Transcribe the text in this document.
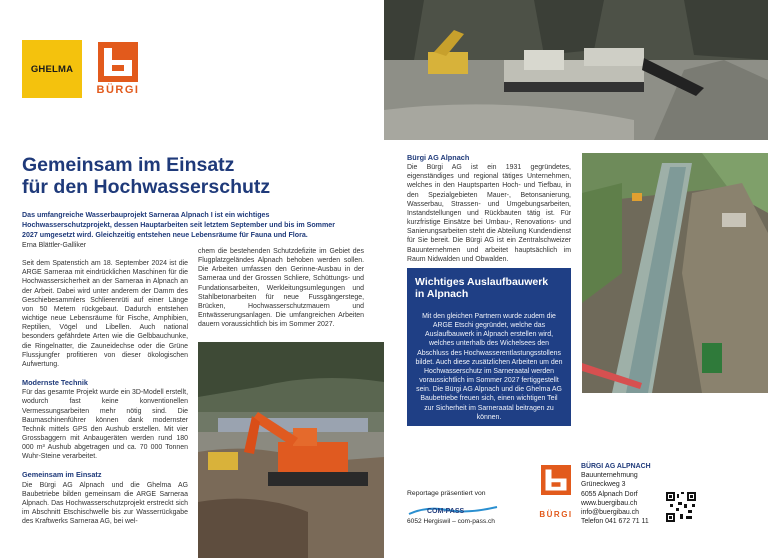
GHELMA
BÜRGI
Gemeinsam im Einsatz
für den Hochwasserschutz
Das umfangreiche Wasserbauprojekt Sarneraa Alpnach I ist ein wichtiges Hochwasserschutzprojekt, dessen Hauptarbeiten seit letztem September und bis im Sommer 2027 umgesetzt wird. Gleichzeitig entstehen neue Lebensräume für Fauna und Flora.

Erna Blättler-Galliker

Seit dem Spatenstich am 18. September 2024 ist die ARGE Sarneraa mit eindrücklichen Maschinen für die Hochwassersicherheit an der Sarneraa in Alpnach an der Arbeit. Dabei wird unter anderem der Damm des Geschiebesammlers Schlierenrüti auf einer Länge von 50 Metern rückgebaut. Dadurch entstehen wichtige neue Lebensräume für Fische, Amphibien, Reptilien, Vögel und Libellen. Auch national besonders gefährdete Arten wie die Gelbbauchunke, die Ringelnatter, die Zauneidechse oder die Grüne Flussjungfer profitieren von dieser ökologischen Aufwertung.

Modernste Technik

Für das gesamte Projekt wurde ein 3D-Modell erstellt, wodurch fast keine konventionellen Vermessungsarbeiten mehr nötig sind. Die Baumaschinenführer können dank modernster Technik mittels GPS den Aushub erstellen. Mit vier Grossbaggern mit Anbaugeräten werden rund 180 000 m³ Aushub abgetragen und ca. 70 000 Tonnen Wuhr-Steine verarbeitet.

Gemeinsam im Einsatz

Die Bürgi AG Alpnach und die Ghelma AG Baubetriebe bilden gemeinsam die ARGE Sarneraa Alpnach. Das Hochwasserschutzprojekt erstreckt sich im Abschnitt Etschischwelle bis zur Wasserrückgabe des Kraftwerks Sarneraa AG, bei wel-

chem die bestehenden Schutzdefizite im Gebiet des Flugplatzgeländes Alpnach behoben werden sollen. Die Arbeiten umfassen den Gerinne-Ausbau in der Sarneraa und der Grossen Schliere, Schüttungs- und Fundationsarbeiten, Werkleitungsumlegungen und Stahlbetonarbeiten für neue Fussgängerstege, Brücken, Hochwasserschutzmauern und Entwässerungsanlagen. Die umfangreichen Arbeiten dauern voraussichtlich bis im Sommer 2027.

Bürgi AG Alpnach

Die Bürgi AG ist ein 1931 gegründetes, eigenständiges und regional tätiges Unternehmen, welches in den Hauptsparten Hoch- und Tiefbau, in den Spezialgebieten Mauer-, Betonsanierung, Wasserbau, Strassen- und Umgebungsarbeiten, Instandstellungen und Rückbauten tätig ist. Für kurzfristige Einsätze bei Umbau-, Renovations- und Sanierungsarbeiten steht die Abteilung Kundendienst für Sie bereit. Die Bürgi AG ist ein Zentralschweizer Bauunternehmen und arbeitet hauptsächlich im Raum Nidwalden und Obwalden.

Wichtiges Auslaufbauwerk
in Alpnach

Mit den gleichen Partnern wurde zudem die ARGE Etschi gegründet, welche das Auslaufbauwerk in Alpnach erstellen wird, welches unterhalb des Wichelsees den Abschluss des Hochwasserentlastungsstollens bildet. Auch diese zusätzlichen Arbeiten um den Hochwasserschutz im Sarneraatal werden voraussichtlich im Sommer 2027 fertiggestellt sein. Die Bürgi AG Alpnach und die Ghelma AG Baubetriebe freuen sich, einen wichtigen Teil zur Sicherheit im Sarneraatal beitragen zu können.

Reportage präsentiert von
COM-PASS
6052 Hergiswil – com-pass.ch
BÜRGI
BÜRGI AG ALPNACH
Bauunternehmung
Grüneckweg 3
6055 Alpnach Dorf
www.buergibau.ch
info@buergibau.ch
Telefon 041 672 71 11
